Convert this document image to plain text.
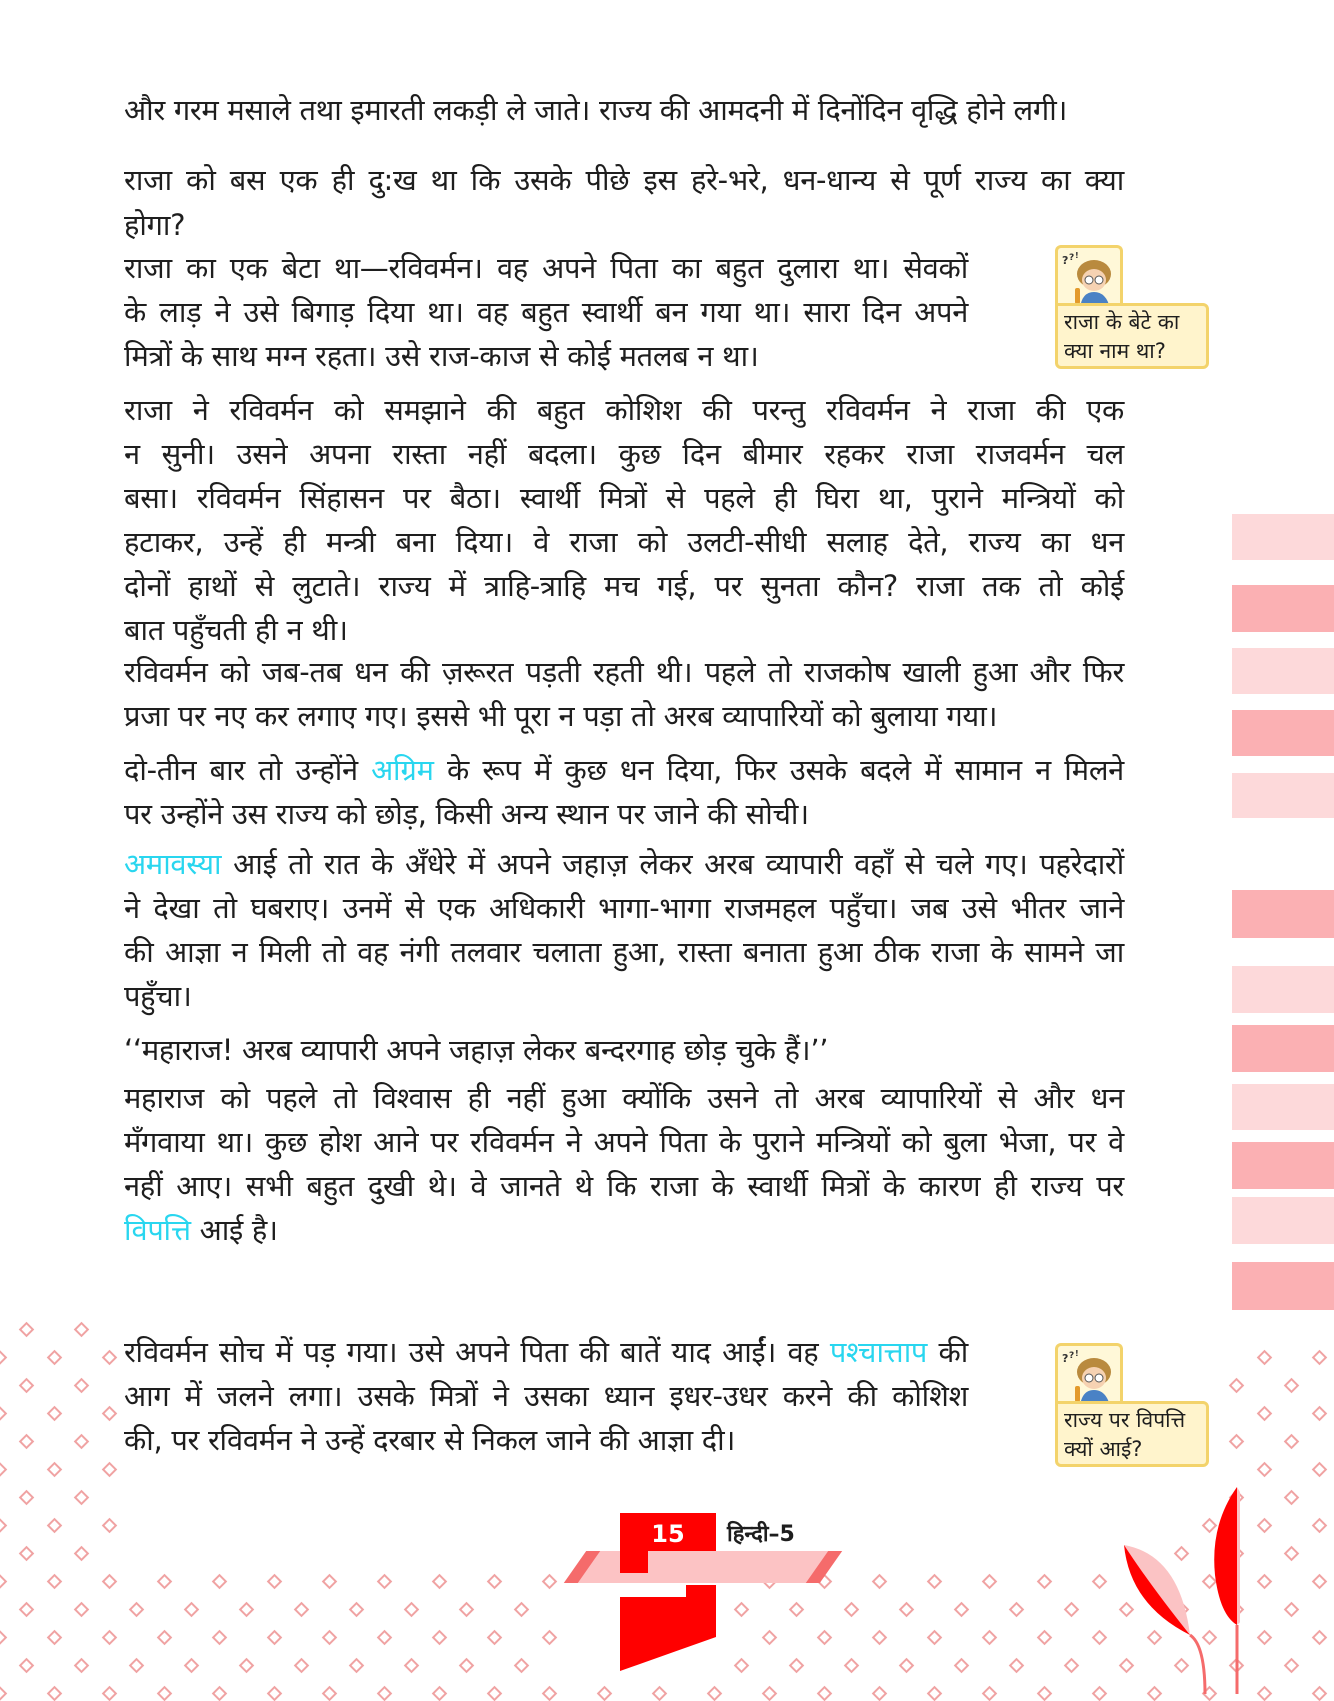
और गरम मसाले तथा इमारती लकड़ी ले जाते। राज्य की आमदनी में दिनोंदिन वृद्धि होने लगी।
राजा को बस एक ही दु:ख था कि उसके पीछे इस हरे-भरे, धन-धान्य से पूर्ण राज्य का क्या
होगा?
राजा का एक बेटा था—रविवर्मन। वह अपने पिता का बहुत दुलारा था। सेवकों
के लाड़ ने उसे बिगाड़ दिया था। वह बहुत स्वार्थी बन गया था। सारा दिन अपने
मित्रों के साथ मग्न रहता। उसे राज-काज से कोई मतलब न था।
राजा ने रविवर्मन को समझाने की बहुत कोशिश की परन्तु रविवर्मन ने राजा की एक
न सुनी। उसने अपना रास्ता नहीं बदला। कुछ दिन बीमार रहकर राजा राजवर्मन चल
बसा। रविवर्मन सिंहासन पर बैठा। स्वार्थी मित्रों से पहले ही घिरा था, पुराने मन्त्रियों को
हटाकर, उन्हें ही मन्त्री बना दिया। वे राजा को उलटी-सीधी सलाह देते, राज्य का धन
दोनों हाथों से लुटाते। राज्य में त्राहि-त्राहि मच गई, पर सुनता कौन? राजा तक तो कोई
बात पहुँचती ही न थी।
रविवर्मन को जब-तब धन की ज़रूरत पड़ती रहती थी। पहले तो राजकोष खाली हुआ और फिर
प्रजा पर नए कर लगाए गए। इससे भी पूरा न पड़ा तो अरब व्यापारियों को बुलाया गया।
दो-तीन बार तो उन्होंने अग्रिम के रूप में कुछ धन दिया, फिर उसके बदले में सामान न मिलने
पर उन्होंने उस राज्य को छोड़, किसी अन्य स्थान पर जाने की सोची।
अमावस्या आई तो रात के अँधेरे में अपने जहाज़ लेकर अरब व्यापारी वहाँ से चले गए। पहरेदारों
ने देखा तो घबराए। उनमें से एक अधिकारी भागा-भागा राजमहल पहुँचा। जब उसे भीतर जाने
की आज्ञा न मिली तो वह नंगी तलवार चलाता हुआ, रास्ता बनाता हुआ ठीक राजा के सामने जा
पहुँचा।
‘‘महाराज! अरब व्यापारी अपने जहाज़ लेकर बन्दरगाह छोड़ चुके हैं।’’
महाराज को पहले तो विश्वास ही नहीं हुआ क्योंकि उसने तो अरब व्यापारियों से और धन
मँगवाया था। कुछ होश आने पर रविवर्मन ने अपने पिता के पुराने मन्त्रियों को बुला भेजा, पर वे
नहीं आए। सभी बहुत दुखी थे। वे जानते थे कि राजा के स्वार्थी मित्रों के कारण ही राज्य पर
विपत्ति आई है।
रविवर्मन सोच में पड़ गया। उसे अपने पिता की बातें याद आईं। वह पश्चात्ताप की
आग में जलने लगा। उसके मित्रों ने उसका ध्यान इधर-उधर करने की कोशिश
की, पर रविवर्मन ने उन्हें दरबार से निकल जाने की आज्ञा दी।
? ? !
राजा के बेटे का
क्या नाम था?
? ? !
राज्य पर विपत्ति
क्यों आई?
15	हिन्दी–5
